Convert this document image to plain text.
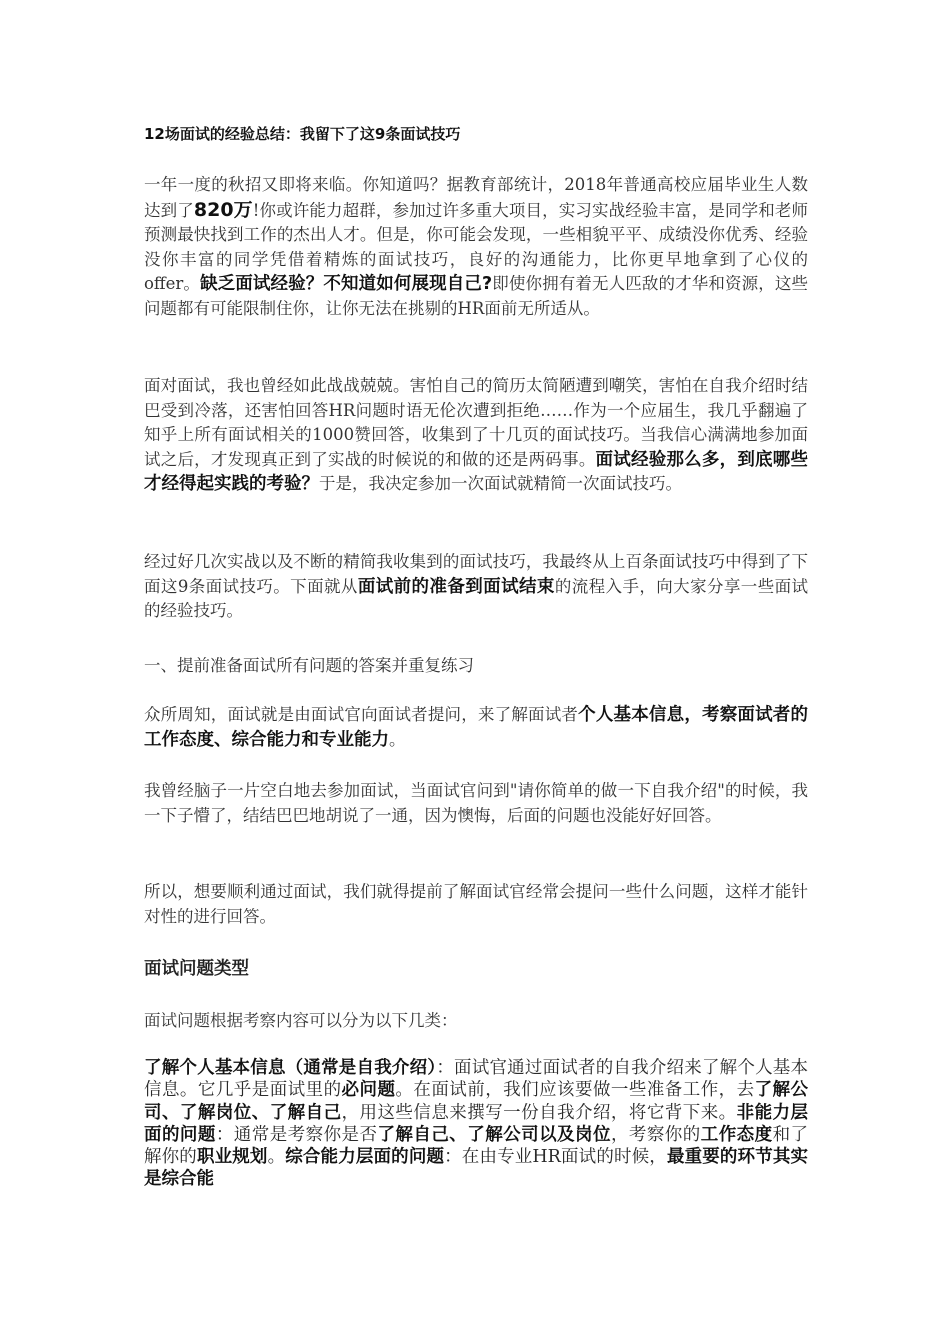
12场面试的经验总结：我留下了这9条面试技巧

一年一度的秋招又即将来临。你知道吗？据教育部统计，2018年普通高校应届毕业生人数达到了820万!你或许能力超群，参加过许多重大项目，实习实战经验丰富，是同学和老师预测最快找到工作的杰出人才。但是，你可能会发现，一些相貌平平、成绩没你优秀、经验没你丰富的同学凭借着精炼的面试技巧，良好的沟通能力，比你更早地拿到了心仪的offer。缺乏面试经验？不知道如何展现自己?即使你拥有着无人匹敌的才华和资源，这些问题都有可能限制住你，让你无法在挑剔的HR面前无所适从。

面对面试，我也曾经如此战战兢兢。害怕自己的简历太简陋遭到嘲笑，害怕在自我介绍时结巴受到冷落，还害怕回答HR问题时语无伦次遭到拒绝……作为一个应届生，我几乎翻遍了知乎上所有面试相关的1000赞回答，收集到了十几页的面试技巧。当我信心满满地参加面试之后，才发现真正到了实战的时候说的和做的还是两码事。面试经验那么多，到底哪些才经得起实践的考验？于是，我决定参加一次面试就精简一次面试技巧。

经过好几次实战以及不断的精简我收集到的面试技巧，我最终从上百条面试技巧中得到了下面这9条面试技巧。下面就从面试前的准备到面试结束的流程入手，向大家分享一些面试的经验技巧。

一、提前准备面试所有问题的答案并重复练习

众所周知，面试就是由面试官向面试者提问，来了解面试者个人基本信息，考察面试者的工作态度、综合能力和专业能力。

我曾经脑子一片空白地去参加面试，当面试官问到"请你简单的做一下自我介绍"的时候，我一下子懵了，结结巴巴地胡说了一通，因为懊悔，后面的问题也没能好好回答。

所以，想要顺利通过面试，我们就得提前了解面试官经常会提问一些什么问题，这样才能针对性的进行回答。

面试问题类型

面试问题根据考察内容可以分为以下几类：

了解个人基本信息（通常是自我介绍）：面试官通过面试者的自我介绍来了解个人基本信息。它几乎是面试里的必问题。在面试前，我们应该要做一些准备工作，去了解公司、了解岗位、了解自己，用这些信息来撰写一份自我介绍，将它背下来。非能力层面的问题：通常是考察你是否了解自己、了解公司以及岗位，考察你的工作态度和了解你的职业规划。综合能力层面的问题：在由专业HR面试的时候，最重要的环节其实是综合能
